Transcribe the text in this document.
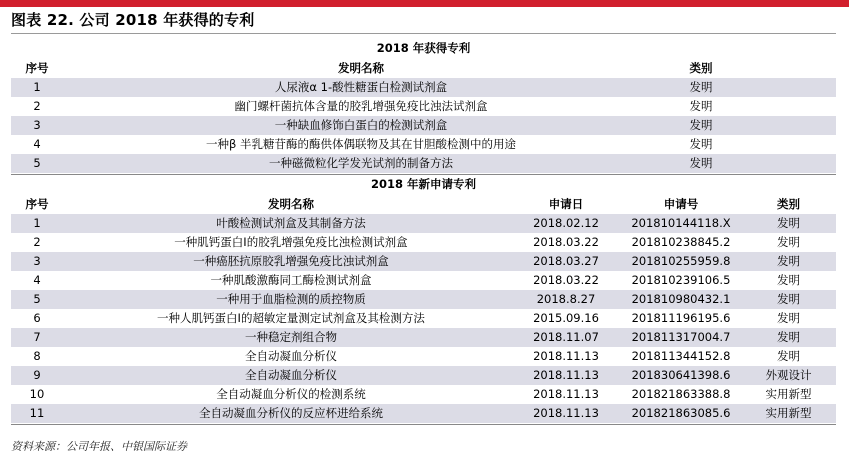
图表 22. 公司 2018 年获得的专利
2018 年获得专利
序号	发明名称	类别
1	人尿液α 1-酸性糖蛋白检测试剂盒	发明
2	幽门螺杆菌抗体含量的胶乳增强免疫比浊法试剂盒	发明
3	一种缺血修饰白蛋白的检测试剂盒	发明
4	一种β 半乳糖苷酶的酶供体偶联物及其在甘胆酸检测中的用途	发明
5	一种磁微粒化学发光试剂的制备方法	发明
2018 年新申请专利
序号	发明名称	申请日	申请号	类别
1	叶酸检测试剂盒及其制备方法	2018.02.12	201810144118.X	发明
2	一种肌钙蛋白Ⅰ的胶乳增强免疫比浊检测试剂盒	2018.03.22	201810238845.2	发明
3	一种癌胚抗原胶乳增强免疫比浊试剂盒	2018.03.27	201810255959.8	发明
4	一种肌酸激酶同工酶检测试剂盒	2018.03.22	201810239106.5	发明
5	一种用于血脂检测的质控物质	2018.8.27	201810980432.1	发明
6	一种人肌钙蛋白Ⅰ的超敏定量测定试剂盒及其检测方法	2015.09.16	201811196195.6	发明
7	一种稳定剂组合物	2018.11.07	201811317004.7	发明
8	全自动凝血分析仪	2018.11.13	201811344152.8	发明
9	全自动凝血分析仪	2018.11.13	201830641398.6	外观设计
10	全自动凝血分析仪的检测系统	2018.11.13	201821863388.8	实用新型
11	全自动凝血分析仪的反应杯进给系统	2018.11.13	201821863085.6	实用新型
资料来源：公司年报、中银国际证券
